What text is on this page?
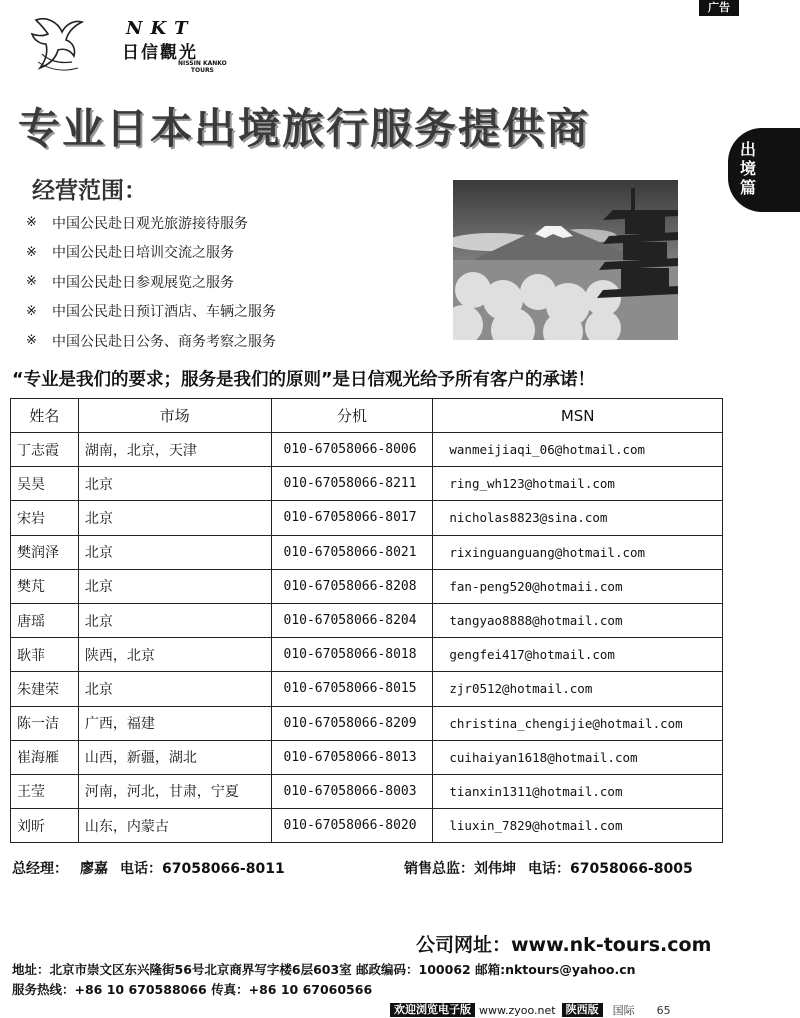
广告
NKT
日信觀光
NISSIN KANKO
TOURS
出境篇
专业日本出境旅行服务提供商
经营范围：
※	中国公民赴日观光旅游接待服务
※	中国公民赴日培训交流之服务
※	中国公民赴日参观展览之服务
※	中国公民赴日预订酒店、车辆之服务
※	中国公民赴日公务、商务考察之服务
“专业是我们的要求；服务是我们的原则”是日信观光给予所有客户的承诺！
姓名	市场	分机	MSN
丁志霞	湖南，北京，天津	010-67058066-8006	wanmeijiaqi_06@hotmail.com
吴昊	北京	010-67058066-8211	ring_wh123@hotmail.com
宋岩	北京	010-67058066-8017	nicholas8823@sina.com
樊润泽	北京	010-67058066-8021	rixinguanguang@hotmail.com
樊芃	北京	010-67058066-8208	fan-peng520@hotmaii.com
唐瑶	北京	010-67058066-8204	tangyao8888@hotmail.com
耿菲	陕西，北京	010-67058066-8018	gengfei417@hotmail.com
朱建荣	北京	010-67058066-8015	zjr0512@hotmail.com
陈一洁	广西，福建	010-67058066-8209	christina_chengijie@hotmail.com
崔海雁	山西，新疆，湖北	010-67058066-8013	cuihaiyan1618@hotmail.com
王莹	河南，河北，甘肃，宁夏	010-67058066-8003	tianxin1311@hotmail.com
刘昕	山东，内蒙古	010-67058066-8020	liuxin_7829@hotmail.com
总经理： 廖嘉 电话：67058066-8011	销售总监：刘伟坤 电话：67058066-8005
公司网址：www.nk-tours.com
地址：北京市崇文区东兴隆街56号北京商界写字楼6层603室 邮政编码：100062 邮箱:nktours@yahoo.cn
服务热线：+86 10 670588066 传真：+86 10 67060566
欢迎浏览电子版 www.zyoo.net 陕西版	国际	65
